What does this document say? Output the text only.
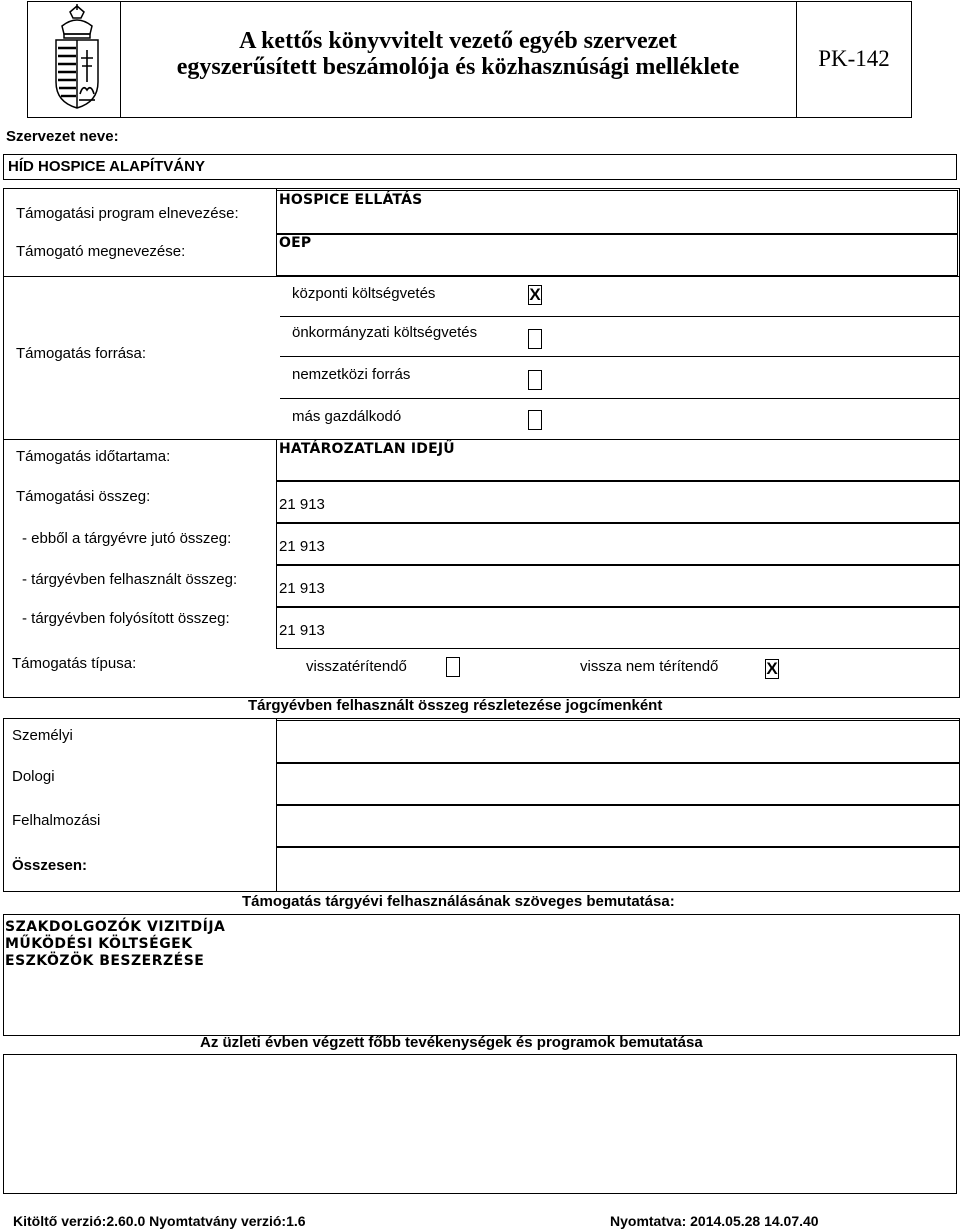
A kettős könyvvitelt vezető egyéb szervezet
egyszerűsített beszámolója és közhasznúsági melléklete	PK-142
Szervezet neve:
HÍD HOSPICE ALAPÍTVÁNY
Támogatási program elnevezése:
HOSPICE ELLÁTÁS
Támogató megnevezése:	OEP
Támogatás forrása:
központi költségvetés	X
önkormányzati költségvetés
nemzetközi forrás
más gazdálkodó
Támogatás időtartama:	HATÁROZATLAN IDEJŰ
Támogatási összeg:	21 913
- ebből a tárgyévre jutó összeg:	21 913
- tárgyévben felhasznált összeg:
21 913
- tárgyévben folyósított összeg:
21 913
Támogatás típusa:	visszatérítendő	vissza nem térítendő	X
Tárgyévben felhasznált összeg részletezése jogcímenként
Személyi
Dologi
Felhalmozási
Összesen:
Támogatás tárgyévi felhasználásának szöveges bemutatása:
SZAKDOLGOZÓK VIZITDÍJA
MŰKÖDÉSI KÖLTSÉGEK
ESZKÖZÖK BESZERZÉSE
Az üzleti évben végzett főbb tevékenységek és programok bemutatása
Kitöltő verzió:2.60.0 Nyomtatvány verzió:1.6	Nyomtatva: 2014.05.28 14.07.40
